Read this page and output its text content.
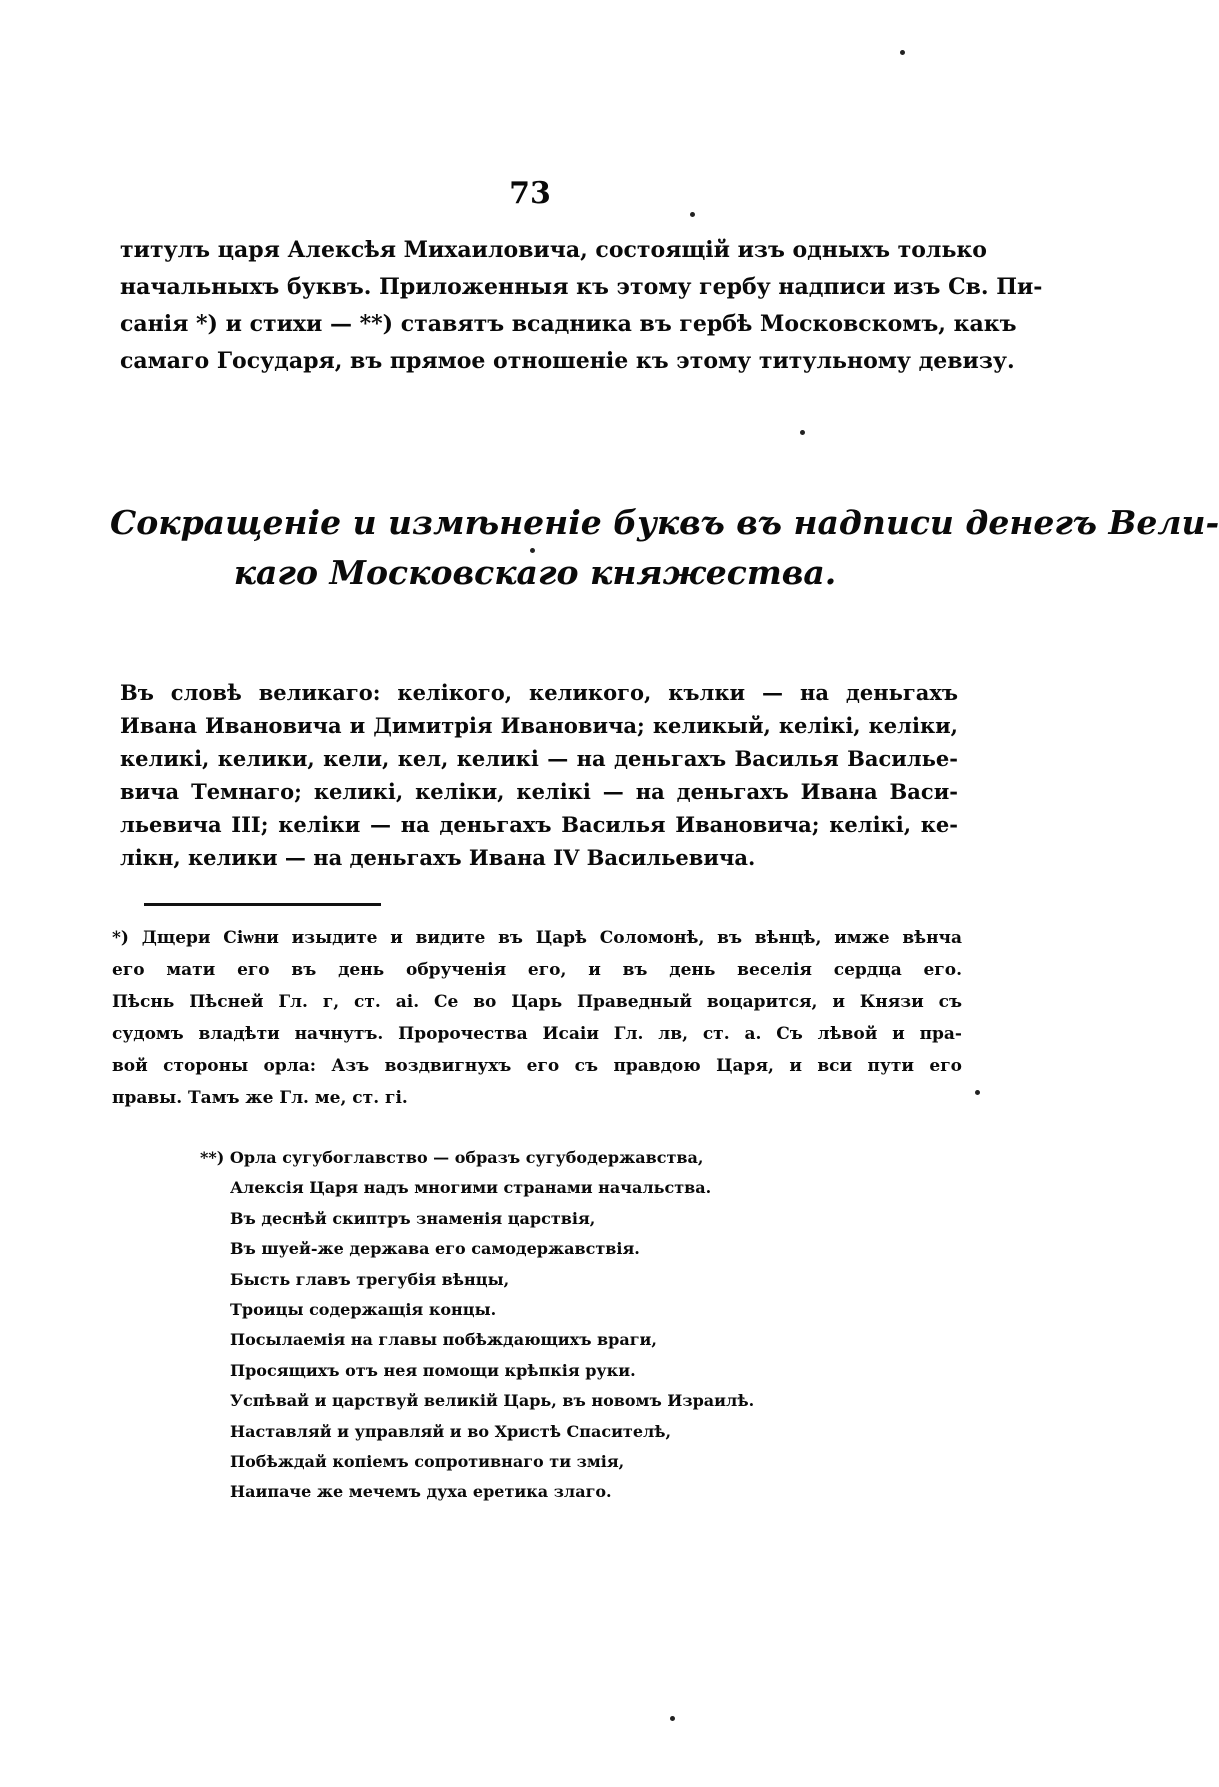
73
титулъ царя Алексѣя Михаиловича, состоящій изъ одныхъ только
начальныхъ буквъ. Приложенныя къ этому гербу надписи изъ Св. Пи-
санія *) и стихи — **) ставятъ всадника въ гербѣ Московскомъ, какъ
самаго Государя, въ прямое отношеніе къ этому титульному девизу.
Сокращеніе и измѣненіе буквъ въ надписи денегъ Вели-
каго Московскаго княжества.
Въ словѣ великаго: келікого, келикого, кълки — на деньгахъ
Ивана Ивановича и Димитрія Ивановича; келикый, келікі, келіки,
келикі, келики, кели, кел, келикі — на деньгахъ Василья Василье-
вича Темнаго; келикі, келіки, келікі — на деньгахъ Ивана Васи-
льевича III; келіки — на деньгахъ Василья Ивановича; келікі, ке-
лікн, келики — на деньгахъ Ивана IV Васильевича.
*) Дщери Сіѡни изыдите и видите въ Царѣ Соломонѣ, въ вѣнцѣ, имже вѣнча
его мати его въ день обрученія его, и въ день веселія сердца его.
Пѣснь Пѣсней Гл. г, ст. аі. Се во Царь Праведный воцарится, и Князи съ
судомъ владѣти начнутъ. Пророчества Исаіи Гл. лв, ст. а. Съ лѣвой и пра-
вой стороны орла: Азъ воздвигнухъ его съ правдою Царя, и вси пути его
правы. Тамъ же Гл. ме, ст. гі.
**) Орла сугубоглавство — образъ сугубодержавства,
Алексія Царя надъ многими странами начальства.
Въ деснѣй скиптръ знаменія царствія,
Въ шуей-же держава его самодержавствія.
Бысть главъ трегубія вѣнцы,
Троицы содержащія концы.
Посылаемія на главы побѣждающихъ враги,
Просящихъ отъ нея помощи крѣпкія руки.
Успѣвай и царствуй великій Царь, въ новомъ Израилѣ.
Наставляй и управляй и во Христѣ Спасителѣ,
Побѣждай копіемъ сопротивнаго ти змія,
Наипаче же мечемъ духа еретика злаго.
